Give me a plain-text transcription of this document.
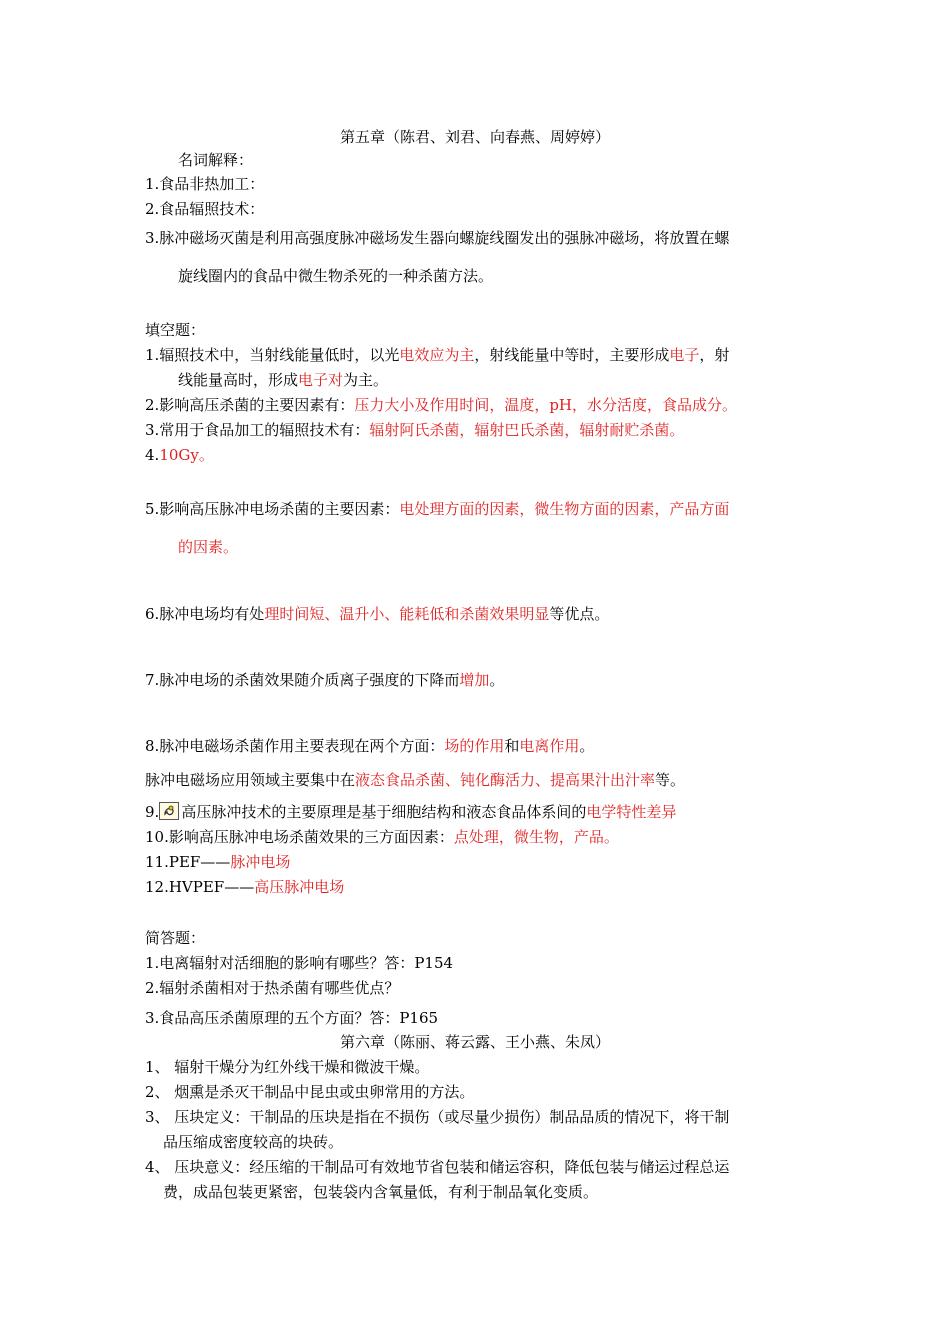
第五章（陈君、刘君、向春燕、周婷婷）
名词解释：
1.食品非热加工：
2.食品辐照技术：
3.脉冲磁场灭菌是利用高强度脉冲磁场发生器向螺旋线圈发出的强脉冲磁场，将放置在螺
旋线圈内的食品中微生物杀死的一种杀菌方法。
填空题：
1.辐照技术中，当射线能量低时，以光电效应为主，射线能量中等时，主要形成电子，射
线能量高时，形成电子对为主。
2.影响高压杀菌的主要因素有：压力大小及作用时间，温度，pH，水分活度，食品成分。
3.常用于食品加工的辐照技术有：辐射阿氏杀菌，辐射巴氏杀菌，辐射耐贮杀菌。
4.10Gy。
5.影响高压脉冲电场杀菌的主要因素：电处理方面的因素，微生物方面的因素，产品方面
的因素。
6.脉冲电场均有处理时间短、温升小、能耗低和杀菌效果明显等优点。
7.脉冲电场的杀菌效果随介质离子强度的下降而增加。
8.脉冲电磁场杀菌作用主要表现在两个方面：场的作用和电离作用。
脉冲电磁场应用领域主要集中在液态食品杀菌、钝化酶活力、提高果汁出汁率等。
9. 高压脉冲技术的主要原理是基于细胞结构和液态食品体系间的电学特性差异
10.影响高压脉冲电场杀菌效果的三方面因素：点处理，微生物，产品。
11.PEF——脉冲电场
12.HVPEF——高压脉冲电场
简答题：
1.电离辐射对活细胞的影响有哪些？答：P154
2.辐射杀菌相对于热杀菌有哪些优点？
3.食品高压杀菌原理的五个方面？答：P165
第六章（陈丽、蒋云露、王小燕、朱凤）
1、 辐射干燥分为红外线干燥和微波干燥。
2、 烟熏是杀灭干制品中昆虫或虫卵常用的方法。
3、 压块定义：干制品的压块是指在不损伤（或尽量少损伤）制品品质的情况下，将干制
品压缩成密度较高的块砖。
4、 压块意义：经压缩的干制品可有效地节省包装和储运容积，降低包装与储运过程总运
费，成品包装更紧密，包装袋内含氧量低，有利于制品氧化变质。
